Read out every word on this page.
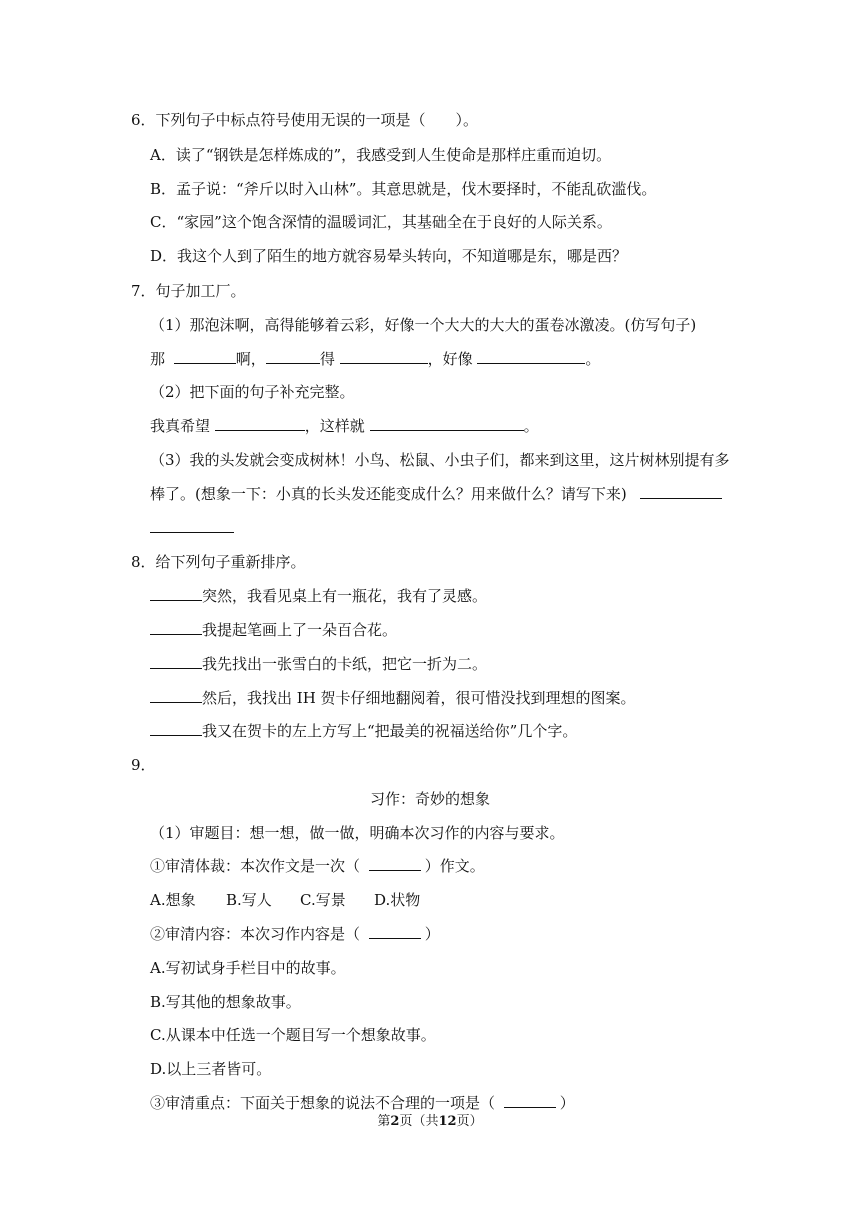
6．下列句子中标点符号使用无误的一项是（　　）。
A．读了“钢铁是怎样炼成的”，我感受到人生使命是那样庄重而迫切。
B．孟子说：“斧斤以时入山林”。其意思就是，伐木要择时，不能乱砍滥伐。
C．“家园”这个饱含深情的温暖词汇，其基础全在于良好的人际关系。
D．我这个人到了陌生的地方就容易晕头转向，不知道哪是东，哪是西？
7．句子加工厂。
（1）那泡沫啊，高得能够着云彩，好像一个大大的大大的蛋卷冰激凌。(仿写句子)
那	啊，	得	，好像	。
（2）把下面的句子补充完整。
我真希望	，这样就	。
（3）我的头发就会变成树林！小鸟、松鼠、小虫子们，都来到这里，这片树林别提有多
棒了。(想象一下：小真的长头发还能变成什么？用来做什么？请写下来)
8．给下列句子重新排序。
突然，我看见桌上有一瓶花，我有了灵感。
我提起笔画上了一朵百合花。
我先找出一张雪白的卡纸，把它一折为二。
然后，我找出 IH 贺卡仔细地翻阅着，很可惜没找到理想的图案。
我又在贺卡的左上方写上“把最美的祝福送给你”几个字。
9．
习作：奇妙的想象
（1）审题目：想一想，做一做，明确本次习作的内容与要求。
①审清体裁：本次作文是一次（	）作文。
A.想象 B.写人 C.写景 D.状物
②审清内容：本次习作内容是（	）
A.写初试身手栏目中的故事。
B.写其他的想象故事。
C.从课本中任选一个题目写一个想象故事。
D.以上三者皆可。
③审清重点：下面关于想象的说法不合理的一项是（	）
第2页（共12页）
